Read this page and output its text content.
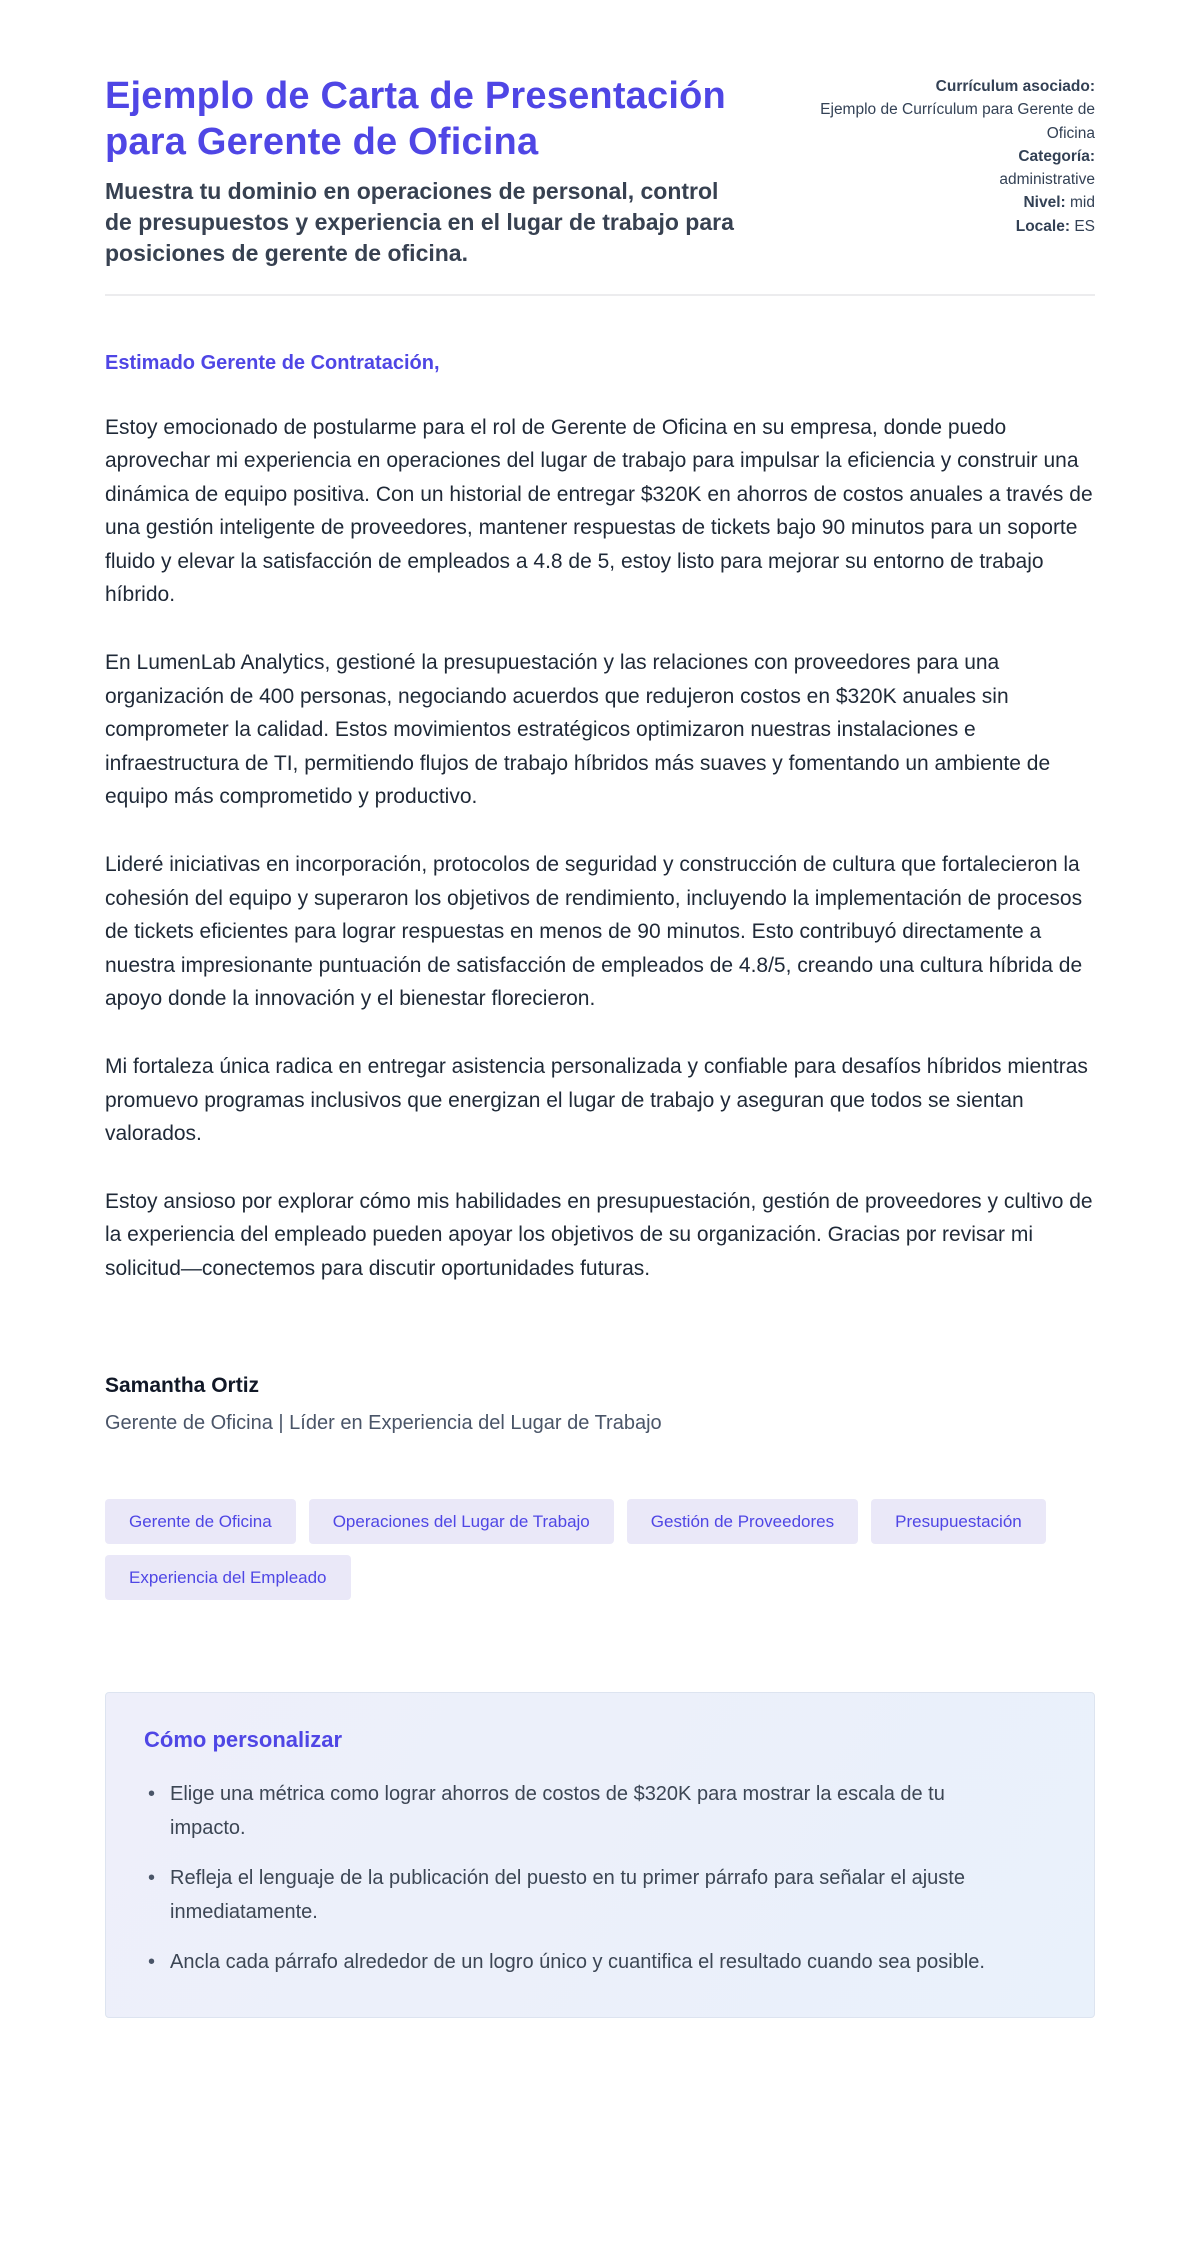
Ejemplo de Carta de Presentación para Gerente de Oficina
Muestra tu dominio en operaciones de personal, control de presupuestos y experiencia en el lugar de trabajo para posiciones de gerente de oficina.
Currículum asociado:
Ejemplo de Currículum para Gerente de Oficina
Categoría:
administrative
Nivel: mid
Locale: ES

Estimado Gerente de Contratación,

Estoy emocionado de postularme para el rol de Gerente de Oficina en su empresa, donde puedo aprovechar mi experiencia en operaciones del lugar de trabajo para impulsar la eficiencia y construir una dinámica de equipo positiva. Con un historial de entregar $320K en ahorros de costos anuales a través de una gestión inteligente de proveedores, mantener respuestas de tickets bajo 90 minutos para un soporte fluido y elevar la satisfacción de empleados a 4.8 de 5, estoy listo para mejorar su entorno de trabajo híbrido.

En LumenLab Analytics, gestioné la presupuestación y las relaciones con proveedores para una organización de 400 personas, negociando acuerdos que redujeron costos en $320K anuales sin comprometer la calidad. Estos movimientos estratégicos optimizaron nuestras instalaciones e infraestructura de TI, permitiendo flujos de trabajo híbridos más suaves y fomentando un ambiente de equipo más comprometido y productivo.

Lideré iniciativas en incorporación, protocolos de seguridad y construcción de cultura que fortalecieron la cohesión del equipo y superaron los objetivos de rendimiento, incluyendo la implementación de procesos de tickets eficientes para lograr respuestas en menos de 90 minutos. Esto contribuyó directamente a nuestra impresionante puntuación de satisfacción de empleados de 4.8/5, creando una cultura híbrida de apoyo donde la innovación y el bienestar florecieron.

Mi fortaleza única radica en entregar asistencia personalizada y confiable para desafíos híbridos mientras promuevo programas inclusivos que energizan el lugar de trabajo y aseguran que todos se sientan valorados.

Estoy ansioso por explorar cómo mis habilidades en presupuestación, gestión de proveedores y cultivo de la experiencia del empleado pueden apoyar los objetivos de su organización. Gracias por revisar mi solicitud—conectemos para discutir oportunidades futuras.

Samantha Ortiz
Gerente de Oficina | Líder en Experiencia del Lugar de Trabajo
Gerente de Oficina	Operaciones del Lugar de Trabajo	Gestión de Proveedores	Presupuestación
Experiencia del Empleado
Cómo personalizar
• Elige una métrica como lograr ahorros de costos de $320K para mostrar la escala de tu impacto.
• Refleja el lenguaje de la publicación del puesto en tu primer párrafo para señalar el ajuste inmediatamente.
• Ancla cada párrafo alrededor de un logro único y cuantifica el resultado cuando sea posible.
